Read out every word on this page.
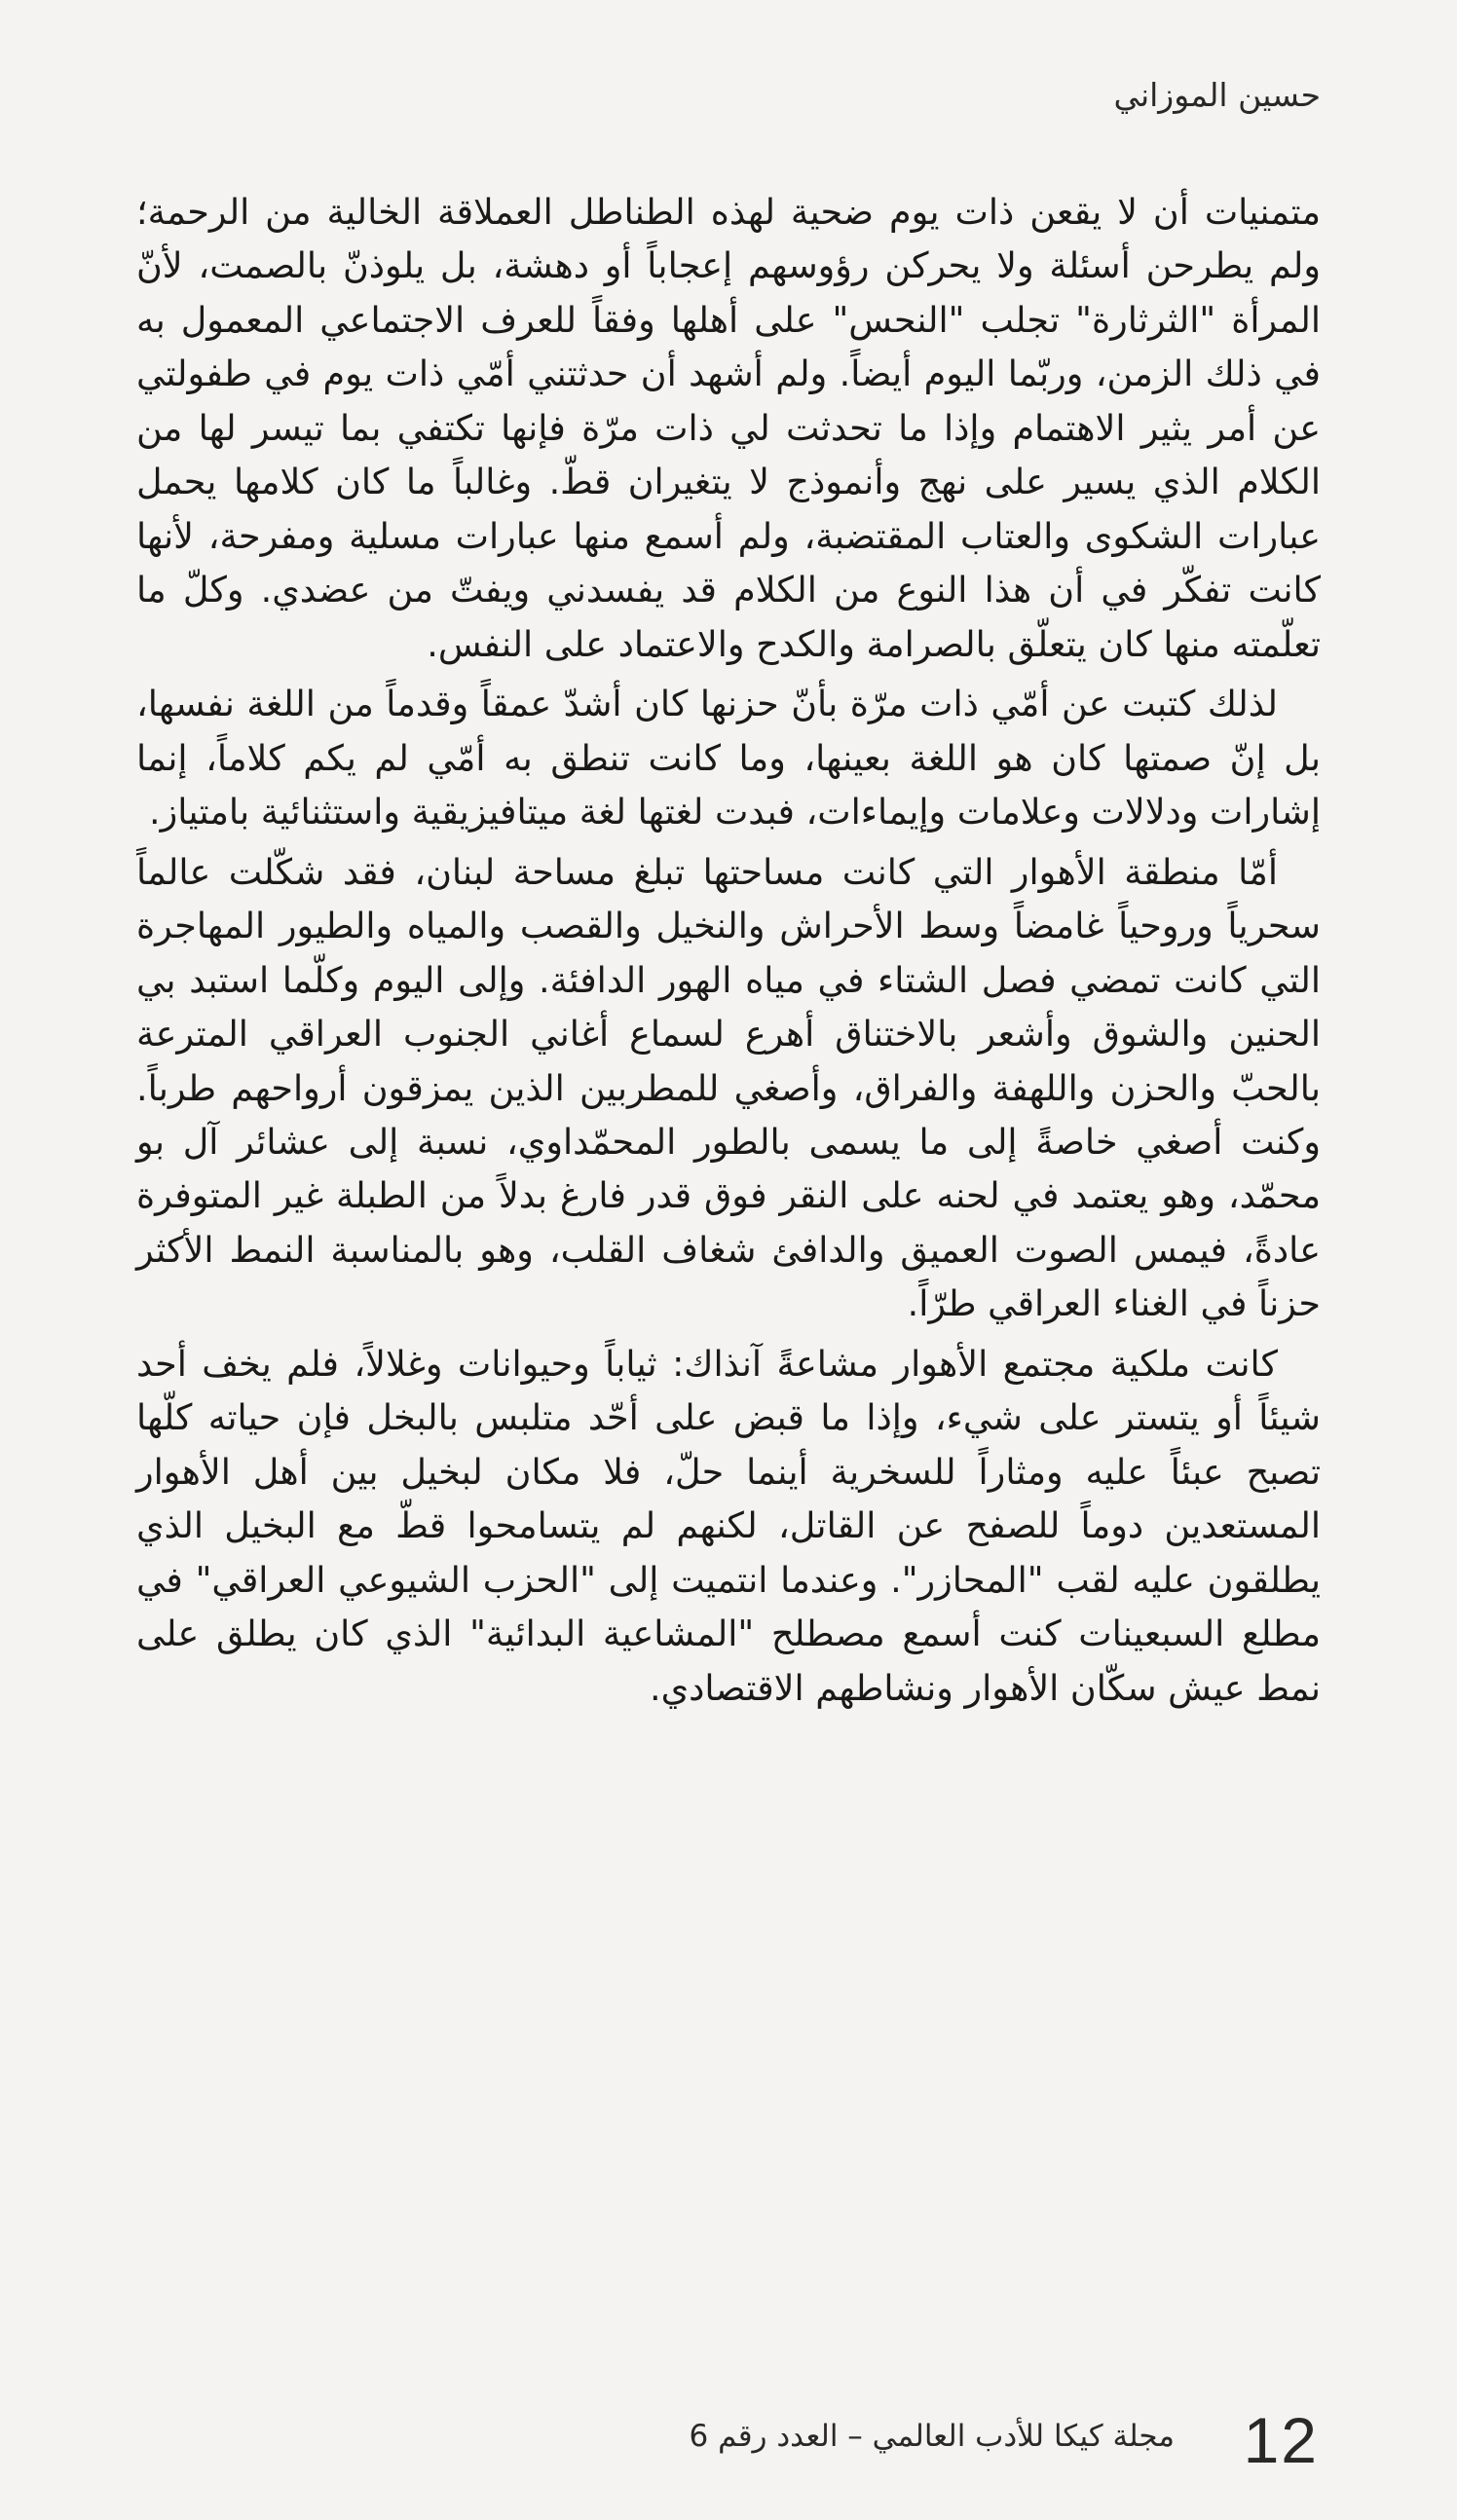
حسين الموزاني

متمنيات أن لا يقعن ذات يوم ضحية لهذه الطناطل العملاقة الخالية من الرحمة؛ ولم يطرحن أسئلة ولا يحركن رؤوسهم إعجاباً أو دهشة، بل يلوذنّ بالصمت، لأنّ المرأة "الثرثارة" تجلب "النحس" على أهلها وفقاً للعرف الاجتماعي المعمول به في ذلك الزمن، وربّما اليوم أيضاً. ولم أشهد أن حدثتني أمّي ذات يوم في طفولتي عن أمر يثير الاهتمام وإذا ما تحدثت لي ذات مرّة فإنها تكتفي بما تيسر لها من الكلام الذي يسير على نهج وأنموذج لا يتغيران قطّ. وغالباً ما كان كلامها يحمل عبارات الشكوى والعتاب المقتضبة، ولم أسمع منها عبارات مسلية ومفرحة، لأنها كانت تفكّر في أن هذا النوع من الكلام قد يفسدني ويفتّ من عضدي. وكلّ ما تعلّمته منها كان يتعلّق بالصرامة والكدح والاعتماد على النفس.

لذلك كتبت عن أمّي ذات مرّة بأنّ حزنها كان أشدّ عمقاً وقدماً من اللغة نفسها، بل إنّ صمتها كان هو اللغة بعينها، وما كانت تنطق به أمّي لم يكم كلاماً، إنما إشارات ودلالات وعلامات وإيماءات، فبدت لغتها لغة ميتافيزيقية واستثنائية بامتياز.

أمّا منطقة الأهوار التي كانت مساحتها تبلغ مساحة لبنان، فقد شكّلت عالماً سحرياً وروحياً غامضاً وسط الأحراش والنخيل والقصب والمياه والطيور المهاجرة التي كانت تمضي فصل الشتاء في مياه الهور الدافئة. وإلى اليوم وكلّما استبد بي الحنين والشوق وأشعر بالاختناق أهرع لسماع أغاني الجنوب العراقي المترعة بالحبّ والحزن واللهفة والفراق، وأصغي للمطربين الذين يمزقون أرواحهم طرباً. وكنت أصغي خاصةً إلى ما يسمى بالطور المحمّداوي، نسبة إلى عشائر آل بو محمّد، وهو يعتمد في لحنه على النقر فوق قدر فارغ بدلاً من الطبلة غير المتوفرة عادةً، فيمس الصوت العميق والدافئ شغاف القلب، وهو بالمناسبة النمط الأكثر حزناً في الغناء العراقي طرّاً.

كانت ملكية مجتمع الأهوار مشاعةً آنذاك: ثياباً وحيوانات وغلالاً، فلم يخف أحد شيئاً أو يتستر على شيء، وإذا ما قبض على أحّد متلبس بالبخل فإن حياته كلّها تصبح عبئاً عليه ومثاراً للسخرية أينما حلّ، فلا مكان لبخيل بين أهل الأهوار المستعدين دوماً للصفح عن القاتل، لكنهم لم يتسامحوا قطّ مع البخيل الذي يطلقون عليه لقب "المحازر". وعندما انتميت إلى "الحزب الشيوعي العراقي" في مطلع السبعينات كنت أسمع مصطلح "المشاعية البدائية" الذي كان يطلق على نمط عيش سكّان الأهوار ونشاطهم الاقتصادي.

12
مجلة كيكا للأدب العالمي – العدد رقم 6
